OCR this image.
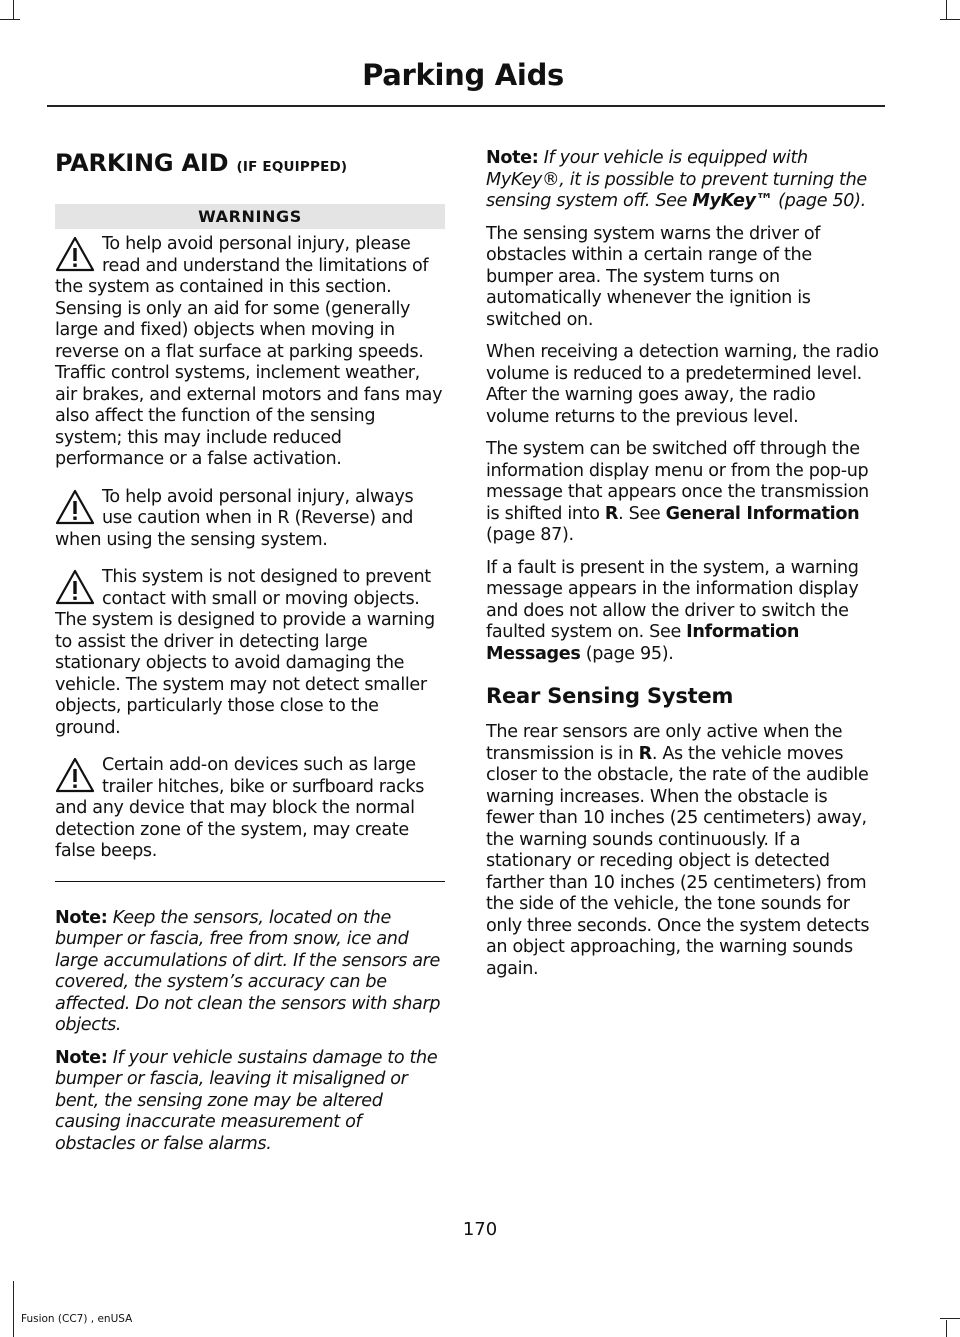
Parking Aids
PARKING AID (IF EQUIPPED)
WARNINGS
To help avoid personal injury, please read and understand the limitations of the system as contained in this section. Sensing is only an aid for some (generally large and fixed) objects when moving in reverse on a flat surface at parking speeds. Traffic control systems, inclement weather, air brakes, and external motors and fans may also affect the function of the sensing system; this may include reduced performance or a false activation.
To help avoid personal injury, always use caution when in R (Reverse) and when using the sensing system.
This system is not designed to prevent contact with small or moving objects. The system is designed to provide a warning to assist the driver in detecting large stationary objects to avoid damaging the vehicle. The system may not detect smaller objects, particularly those close to the ground.
Certain add-on devices such as large trailer hitches, bike or surfboard racks and any device that may block the normal detection zone of the system, may create false beeps.

Note: Keep the sensors, located on the bumper or fascia, free from snow, ice and large accumulations of dirt. If the sensors are covered, the system’s accuracy can be affected. Do not clean the sensors with sharp objects.

Note: If your vehicle sustains damage to the bumper or fascia, leaving it misaligned or bent, the sensing zone may be altered causing inaccurate measurement of obstacles or false alarms.

Note: If your vehicle is equipped with MyKey®, it is possible to prevent turning the sensing system off. See MyKey™ (page 50).

The sensing system warns the driver of obstacles within a certain range of the bumper area. The system turns on automatically whenever the ignition is switched on.

When receiving a detection warning, the radio volume is reduced to a predetermined level. After the warning goes away, the radio volume returns to the previous level.

The system can be switched off through the information display menu or from the pop-up message that appears once the transmission is shifted into R. See General Information (page 87).

If a fault is present in the system, a warning message appears in the information display and does not allow the driver to switch the faulted system on. See Information Messages (page 95).

Rear Sensing System

The rear sensors are only active when the transmission is in R. As the vehicle moves closer to the obstacle, the rate of the audible warning increases. When the obstacle is fewer than 10 inches (25 centimeters) away, the warning sounds continuously. If a stationary or receding object is detected farther than 10 inches (25 centimeters) from the side of the vehicle, the tone sounds for only three seconds. Once the system detects an object approaching, the warning sounds again.

170
Fusion (CC7) , enUSA
